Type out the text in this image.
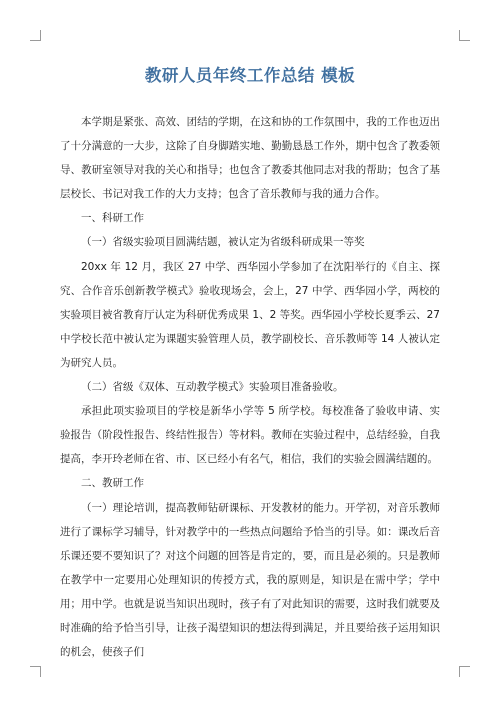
教研人员年终工作总结 模板

本学期是紧张、高效、团结的学期，在这和协的工作氛围中，我的工作也迈出了十分满意的一大步，这除了自身脚踏实地、勤勤恳恳工作外，期中包含了教委领导、教研室领导对我的关心和指导；也包含了教委其他同志对我的帮助；包含了基层校长、书记对我工作的大力支持；包含了音乐教师与我的通力合作。

一、科研工作

（一）省级实验项目圆满结题，被认定为省级科研成果一等奖

20xx 年 12 月，我区 27 中学、西华园小学参加了在沈阳举行的《自主、探究、合作音乐创新教学模式》验收现场会，会上，27 中学、西华园小学，两校的实验项目被省教育厅认定为科研优秀成果 1、2 等奖。西华园小学校长夏季云、27 中学校长范中被认定为课题实验管理人员，教学副校长、音乐教师等 14 人被认定为研究人员。

（二）省级《双体、互动教学模式》实验项目准备验收。

承担此项实验项目的学校是新华小学等 5 所学校。每校准备了验收申请、实验报告（阶段性报告、终结性报告）等材料。教师在实验过程中，总结经验，自我提高，李开玲老师在省、市、区已经小有名气，相信，我们的实验会圆满结题的。

二、教研工作

（一）理论培训，提高教师钻研课标、开发教材的能力。开学初，对音乐教师进行了课标学习辅导，针对教学中的一些热点问题给予恰当的引导。如：课改后音乐课还要不要知识了？对这个问题的回答是肯定的，要，而且是必须的。只是教师在教学中一定要用心处理知识的传授方式，我的原则是，知识是在需中学；学中用；用中学。也就是说当知识出现时，孩子有了对此知识的需要，这时我们就要及时准确的给予恰当引导，让孩子渴望知识的想法得到满足，并且要给孩子运用知识的机会，使孩子们
